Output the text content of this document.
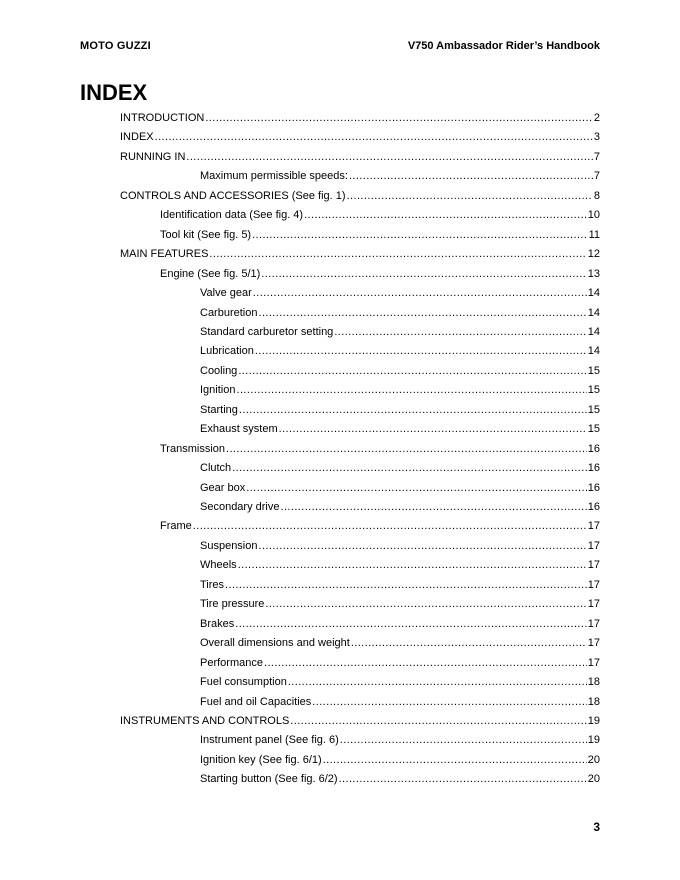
MOTO GUZZI	V750 Ambassador Rider’s Handbook
INDEX
INTRODUCTION .....	2
INDEX .....	3
RUNNING IN .....	7
Maximum permissible speeds: .....	7
CONTROLS AND ACCESSORIES (See fig. 1) .....	8
Identification data (See fig. 4) .....	10
Tool kit (See fig. 5) .....	11
MAIN FEATURES .....	12
Engine (See fig. 5/1) .....	13
Valve gear .....	14
Carburetion .....	14
Standard carburetor setting .....	14
Lubrication .....	14
Cooling .....	15
Ignition .....	15
Starting .....	15
Exhaust system .....	15
Transmission .....	16
Clutch .....	16
Gear box .....	16
Secondary drive .....	16
Frame .....	17
Suspension .....	17
Wheels .....	17
Tires .....	17
Tire pressure .....	17
Brakes .....	17
Overall dimensions and weight .....	17
Performance .....	17
Fuel consumption .....	18
Fuel and oil Capacities .....	18
INSTRUMENTS AND CONTROLS .....	19
Instrument panel (See fig. 6) .....	19
Ignition key (See fig. 6/1) .....	20
Starting button (See fig. 6/2) .....	20
3
